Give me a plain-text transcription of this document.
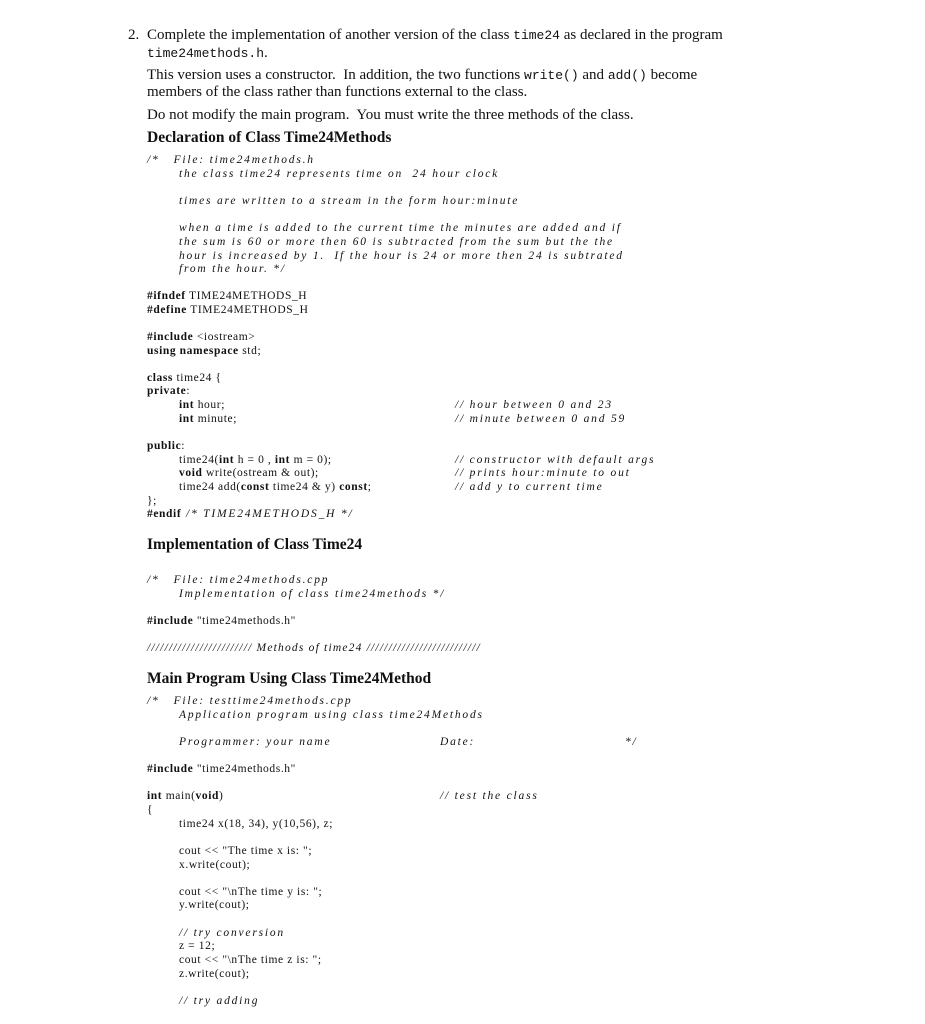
2. Complete the implementation of another version of the class time24 as declared in the program
time24methods.h.
This version uses a constructor.  In addition, the two functions write() and add() become
members of the class rather than functions external to the class.
Do not modify the main program.  You must write the three methods of the class.
Declaration of Class Time24Methods
/*   File: time24methods.h
the class time24 represents time on  24 hour clock
times are written to a stream in the form hour:minute
when a time is added to the current time the minutes are added and if
the sum is 60 or more then 60 is subtracted from the sum but the the
hour is increased by 1.  If the hour is 24 or more then 24 is subtrated
from the hour. */
#ifndef TIME24METHODS_H
#define TIME24METHODS_H
#include <iostream>
using namespace std;
class time24 {
private:
int hour;	// hour between 0 and 23
int minute;	// minute between 0 and 59
public:
time24(int h = 0 , int m = 0);	// constructor with default args
void write(ostream & out);	// prints hour:minute to out
time24 add(const time24 & y) const;	// add y to current time
};
#endif /* TIME24METHODS_H */
Implementation of Class Time24
/*   File: time24methods.cpp
Implementation of class time24methods */
#include "time24methods.h"
//////////////////////// Methods of time24 //////////////////////////
Main Program Using Class Time24Method
/*   File: testtime24methods.cpp
Application program using class time24Methods
Programmer: your name	Date:	*/
#include "time24methods.h"
int main(void)	// test the class
{
time24 x(18, 34), y(10,56), z;
cout << "The time x is: ";
x.write(cout);
cout << "\nThe time y is: ";
y.write(cout);
// try conversion
z = 12;
cout << "\nThe time z is: ";
z.write(cout);
// try adding
